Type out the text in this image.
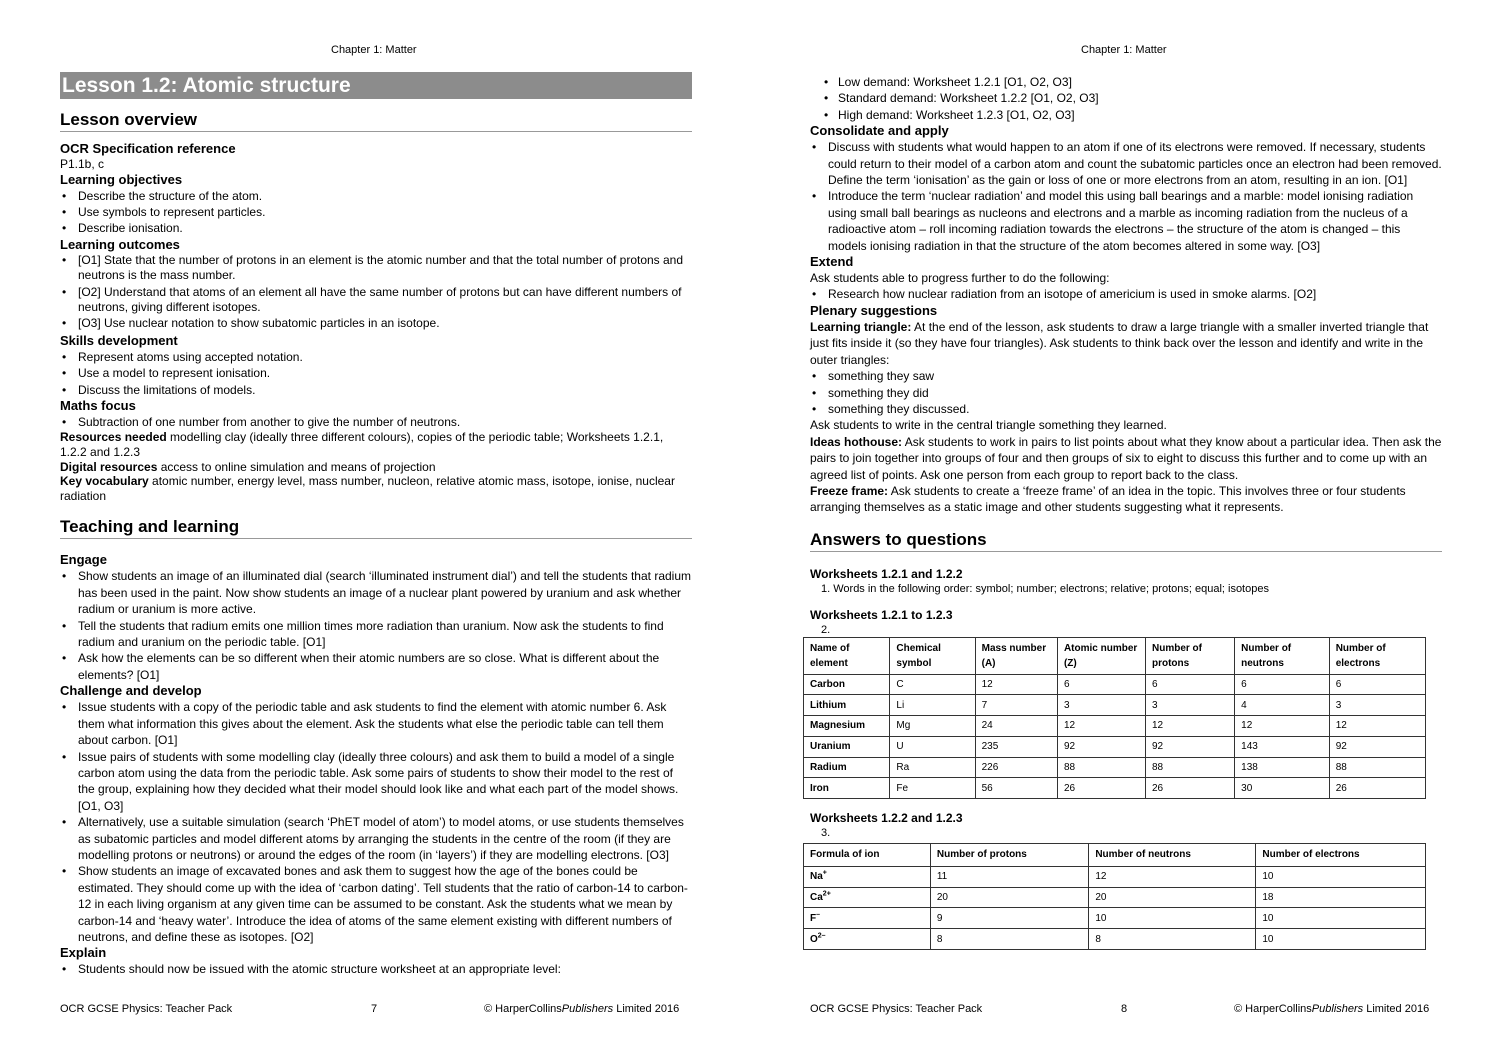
Chapter 1: Matter
Lesson 1.2: Atomic structure
Lesson overview
OCR Specification reference

P1.1b, c

Learning objectives
• Describe the structure of the atom.
• Use symbols to represent particles.
• Describe ionisation.
Learning outcomes
• [O1] State that the number of protons in an element is the atomic number and that the total number of protons and neutrons is the mass number.
• [O2] Understand that atoms of an element all have the same number of protons but can have different numbers of neutrons, giving different isotopes.
• [O3] Use nuclear notation to show subatomic particles in an isotope.
Skills development
• Represent atoms using accepted notation.
• Use a model to represent ionisation.
• Discuss the limitations of models.
Maths focus
• Subtraction of one number from another to give the number of neutrons.

Resources needed modelling clay (ideally three different colours), copies of the periodic table; Worksheets 1.2.1, 1.2.2 and 1.2.3

Digital resources access to online simulation and means of projection

Key vocabulary atomic number, energy level, mass number, nucleon, relative atomic mass, isotope, ionise, nuclear radiation

Teaching and learning
Engage
• Show students an image of an illuminated dial (search ‘illuminated instrument dial’) and tell the students that radium has been used in the paint. Now show students an image of a nuclear plant powered by uranium and ask whether radium or uranium is more active.
• Tell the students that radium emits one million times more radiation than uranium. Now ask the students to find radium and uranium on the periodic table. [O1]
• Ask how the elements can be so different when their atomic numbers are so close. What is different about the elements? [O1]
Challenge and develop
• Issue students with a copy of the periodic table and ask students to find the element with atomic number 6. Ask them what information this gives about the element. Ask the students what else the periodic table can tell them about carbon. [O1]
• Issue pairs of students with some modelling clay (ideally three colours) and ask them to build a model of a single carbon atom using the data from the periodic table. Ask some pairs of students to show their model to the rest of the group, explaining how they decided what their model should look like and what each part of the model shows. [O1, O3]
• Alternatively, use a suitable simulation (search ‘PhET model of atom’) to model atoms, or use students themselves as subatomic particles and model different atoms by arranging the students in the centre of the room (if they are modelling protons or neutrons) or around the edges of the room (in ‘layers’) if they are modelling electrons. [O3]
• Show students an image of excavated bones and ask them to suggest how the age of the bones could be estimated. They should come up with the idea of ‘carbon dating’. Tell students that the ratio of carbon-14 to carbon-12 in each living organism at any given time can be assumed to be constant. Ask the students what we mean by carbon-14 and ‘heavy water’. Introduce the idea of atoms of the same element existing with different numbers of neutrons, and define these as isotopes. [O2]
Explain
• Students should now be issued with the atomic structure worksheet at an appropriate level:
OCR GCSE Physics: Teacher Pack	7	© HarperCollinsPublishers Limited 2016
Chapter 1: Matter
• Low demand: Worksheet 1.2.1 [O1, O2, O3]
• Standard demand: Worksheet 1.2.2 [O1, O2, O3]
• High demand: Worksheet 1.2.3 [O1, O2, O3]
Consolidate and apply
• Discuss with students what would happen to an atom if one of its electrons were removed. If necessary, students could return to their model of a carbon atom and count the subatomic particles once an electron had been removed. Define the term ‘ionisation’ as the gain or loss of one or more electrons from an atom, resulting in an ion. [O1]
• Introduce the term ‘nuclear radiation’ and model this using ball bearings and a marble: model ionising radiation using small ball bearings as nucleons and electrons and a marble as incoming radiation from the nucleus of a radioactive atom – roll incoming radiation towards the electrons – the structure of the atom is changed – this models ionising radiation in that the structure of the atom becomes altered in some way. [O3]
Extend

Ask students able to progress further to do the following:

• Research how nuclear radiation from an isotope of americium is used in smoke alarms. [O2]
Plenary suggestions

Learning triangle: At the end of the lesson, ask students to draw a large triangle with a smaller inverted triangle that just fits inside it (so they have four triangles). Ask students to think back over the lesson and identify and write in the outer triangles:

• something they saw
• something they did
• something they discussed.

Ask students to write in the central triangle something they learned.

Ideas hothouse: Ask students to work in pairs to list points about what they know about a particular idea. Then ask the pairs to join together into groups of four and then groups of six to eight to discuss this further and to come up with an agreed list of points. Ask one person from each group to report back to the class.

Freeze frame: Ask students to create a ‘freeze frame’ of an idea in the topic. This involves three or four students arranging themselves as a static image and other students suggesting what it represents.

Answers to questions
Worksheets 1.2.1 and 1.2.2
1. Words in the following order: symbol; number; electrons; relative; protons; equal; isotopes
Worksheets 1.2.1 to 1.2.3
2.
Name of element	Chemical symbol	Mass number (A)	Atomic number (Z)	Number of protons	Number of neutrons	Number of electrons
Carbon	C	12	6	6	6	6
Lithium	Li	7	3	3	4	3
Magnesium	Mg	24	12	12	12	12
Uranium	U	235	92	92	143	92
Radium	Ra	226	88	88	138	88
Iron	Fe	56	26	26	30	26
Worksheets 1.2.2 and 1.2.3
3.
Formula of ion	Number of protons	Number of neutrons	Number of electrons
Na+	11	12	10
$Ca^{2+}$	20	20	18
F–	9	10	10
$O^{2-}$	8	8	10
OCR GCSE Physics: Teacher Pack	8	© HarperCollinsPublishers Limited 2016
